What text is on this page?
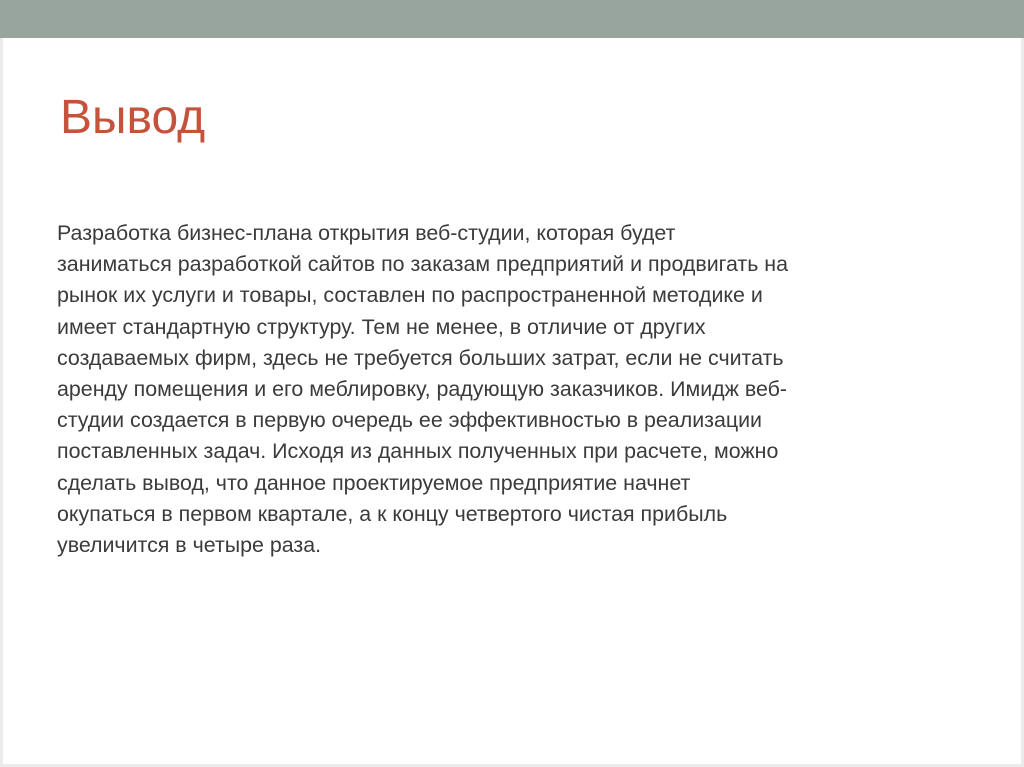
Вывод

Разработка бизнес-плана открытия веб-студии, которая будет
заниматься разработкой сайтов по заказам предприятий и продвигать на
рынок их услуги и товары, составлен по распространенной методике и
имеет стандартную структуру. Тем не менее, в отличие от других
создаваемых фирм, здесь не требуется больших затрат, если не считать
аренду помещения и его меблировку, радующую заказчиков. Имидж веб-
студии создается в первую очередь ее эффективностью в реализации
поставленных задач. Исходя из данных полученных при расчете, можно
сделать вывод, что данное проектируемое предприятие начнет
окупаться в первом квартале, а к концу четвертого чистая прибыль
увеличится в четыре раза.
